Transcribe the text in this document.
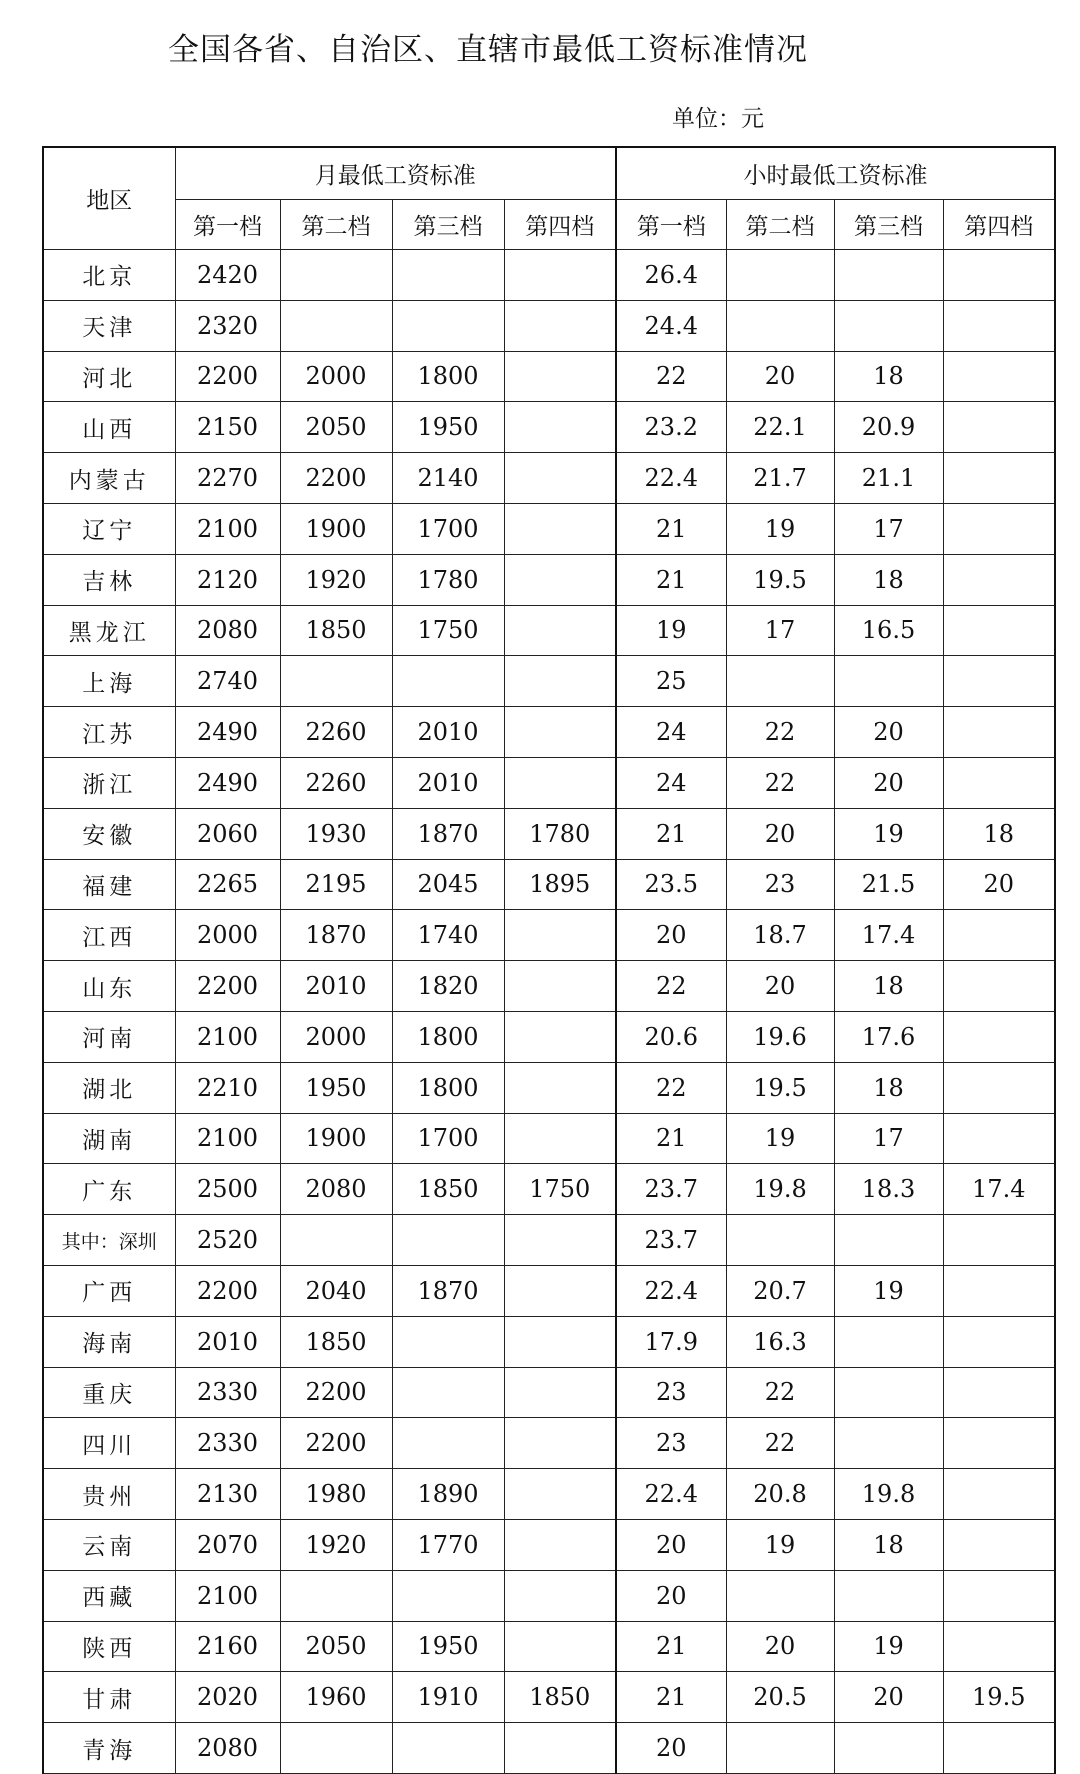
全国各省、自治区、直辖市最低工资标准情况
单位：元
地区	月最低工资标准				小时最低工资标准			
	第一档	第二档	第三档	第四档	第一档	第二档	第三档	第四档
北京	2420				26.4			
天津	2320				24.4			
河北	2200	2000	1800		22	20	18	
山西	2150	2050	1950		23.2	22.1	20.9	
内蒙古	2270	2200	2140		22.4	21.7	21.1	
辽宁	2100	1900	1700		21	19	17	
吉林	2120	1920	1780		21	19.5	18	
黑龙江	2080	1850	1750		19	17	16.5	
上海	2740				25			
江苏	2490	2260	2010		24	22	20	
浙江	2490	2260	2010		24	22	20	
安徽	2060	1930	1870	1780	21	20	19	18
福建	2265	2195	2045	1895	23.5	23	21.5	20
江西	2000	1870	1740		20	18.7	17.4	
山东	2200	2010	1820		22	20	18	
河南	2100	2000	1800		20.6	19.6	17.6	
湖北	2210	1950	1800		22	19.5	18	
湖南	2100	1900	1700		21	19	17	
广东	2500	2080	1850	1750	23.7	19.8	18.3	17.4
其中：深圳	2520				23.7			
广西	2200	2040	1870		22.4	20.7	19	
海南	2010	1850			17.9	16.3		
重庆	2330	2200			23	22		
四川	2330	2200			23	22		
贵州	2130	1980	1890		22.4	20.8	19.8	
云南	2070	1920	1770		20	19	18	
西藏	2100				20			
陕西	2160	2050	1950		21	20	19	
甘肃	2020	1960	1910	1850	21	20.5	20	19.5
青海	2080				20			
